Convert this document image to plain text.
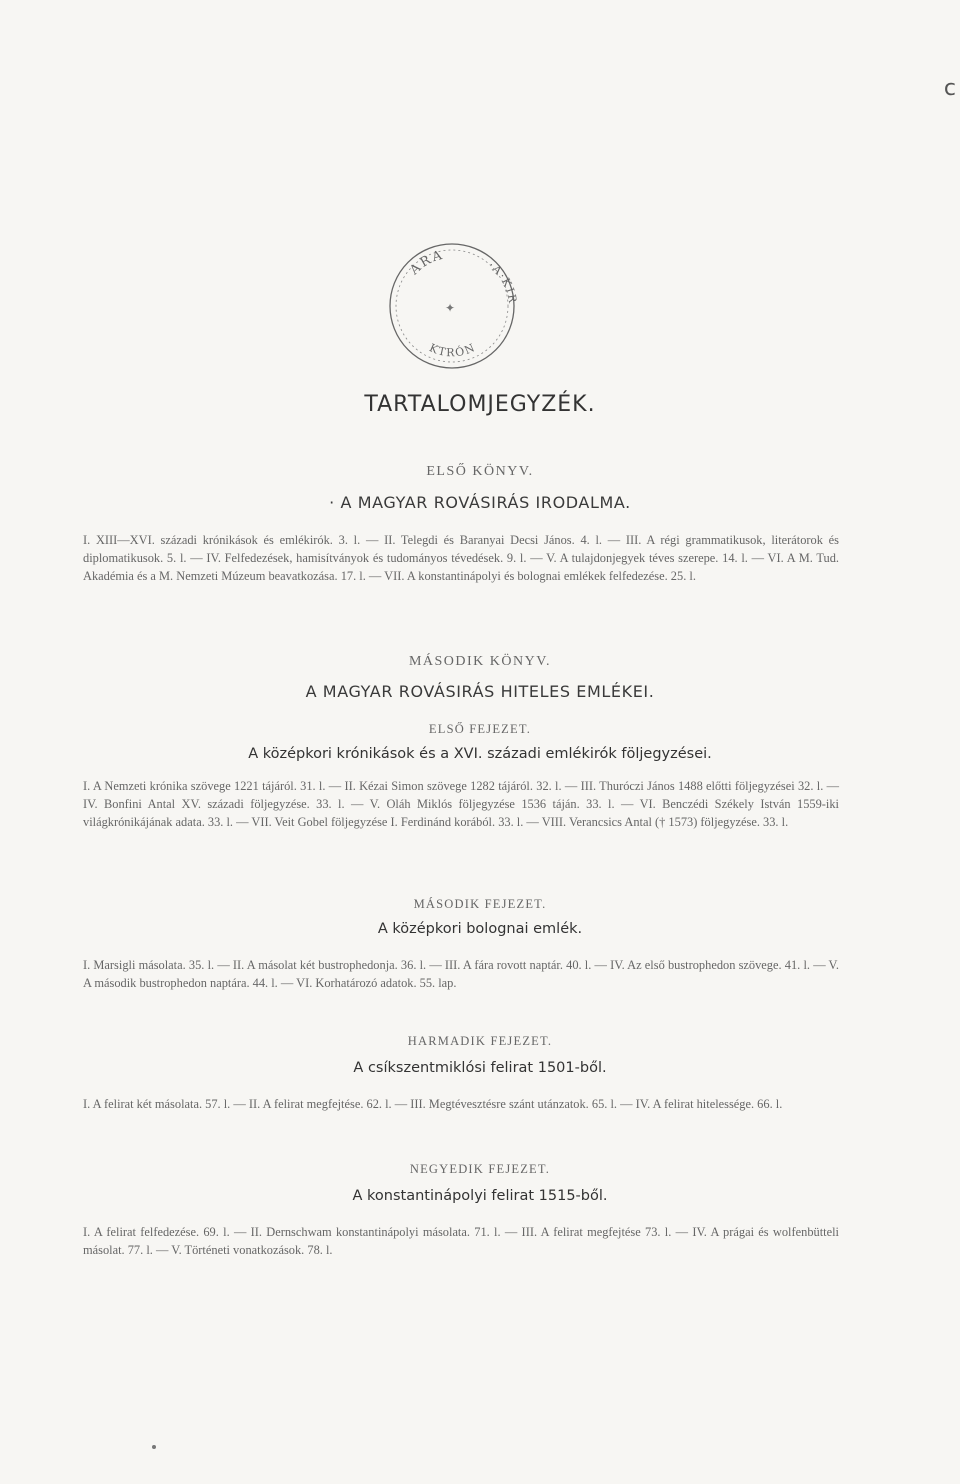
c
ARA
·A·KIR
KTRÓN
✦
TARTALOMJEGYZÉK.
ELSŐ KÖNYV.
· A MAGYAR ROVÁSIRÁS IRODALMA.

I. XIII—XVI. századi krónikások és emlékirók. 3. l. — II. Telegdi és Baranyai Decsi János. 4. l. — III. A régi grammatikusok, literátorok és diplomatikusok. 5. l. — IV. Felfedezések, hamisítványok és tudományos tévedések. 9. l. — V. A tulajdonjegyek téves szerepe. 14. l. — VI. A M. Tud. Akadémia és a M. Nemzeti Múzeum beavatkozása. 17. l. — VII. A konstantinápolyi és bolognai emlékek felfedezése. 25. l.

MÁSODIK KÖNYV.
A MAGYAR ROVÁSIRÁS HITELES EMLÉKEI.
ELSŐ FEJEZET.
A középkori krónikások és a XVI. századi emlékirók följegyzései.

I. A Nemzeti krónika szövege 1221 tájáról. 31. l. — II. Kézai Simon szövege 1282 tájáról. 32. l. — III. Thuróczi János 1488 előtti följegyzései 32. l. — IV. Bonfini Antal XV. századi följegyzése. 33. l. — V. Oláh Miklós följegyzése 1536 táján. 33. l. — VI. Benczédi Székely István 1559-iki világkrónikájának adata. 33. l. — VII. Veit Gobel följegyzése I. Ferdinánd korából. 33. l. — VIII. Verancsics Antal († 1573) följegyzése. 33. l.

MÁSODIK FEJEZET.
A középkori bolognai emlék.

I. Marsigli másolata. 35. l. — II. A másolat két bustrophedonja. 36. l. — III. A fára rovott naptár. 40. l. — IV. Az első bustrophedon szövege. 41. l. — V. A második bustrophedon naptára. 44. l. — VI. Korhatározó adatok. 55. lap.

HARMADIK FEJEZET.
A csíkszentmiklósi felirat 1501-ből.

I. A felirat két másolata. 57. l. — II. A felirat megfejtése. 62. l. — III. Megtévesztésre szánt utánzatok. 65. l. — IV. A felirat hitelessége. 66. l.

NEGYEDIK FEJEZET.
A konstantinápolyi felirat 1515-ből.

I. A felirat felfedezése. 69. l. — II. Dernschwam konstantinápolyi másolata. 71. l. — III. A felirat megfejtése 73. l. — IV. A prágai és wolfenbütteli másolat. 77. l. — V. Történeti vonatkozások. 78. l.
